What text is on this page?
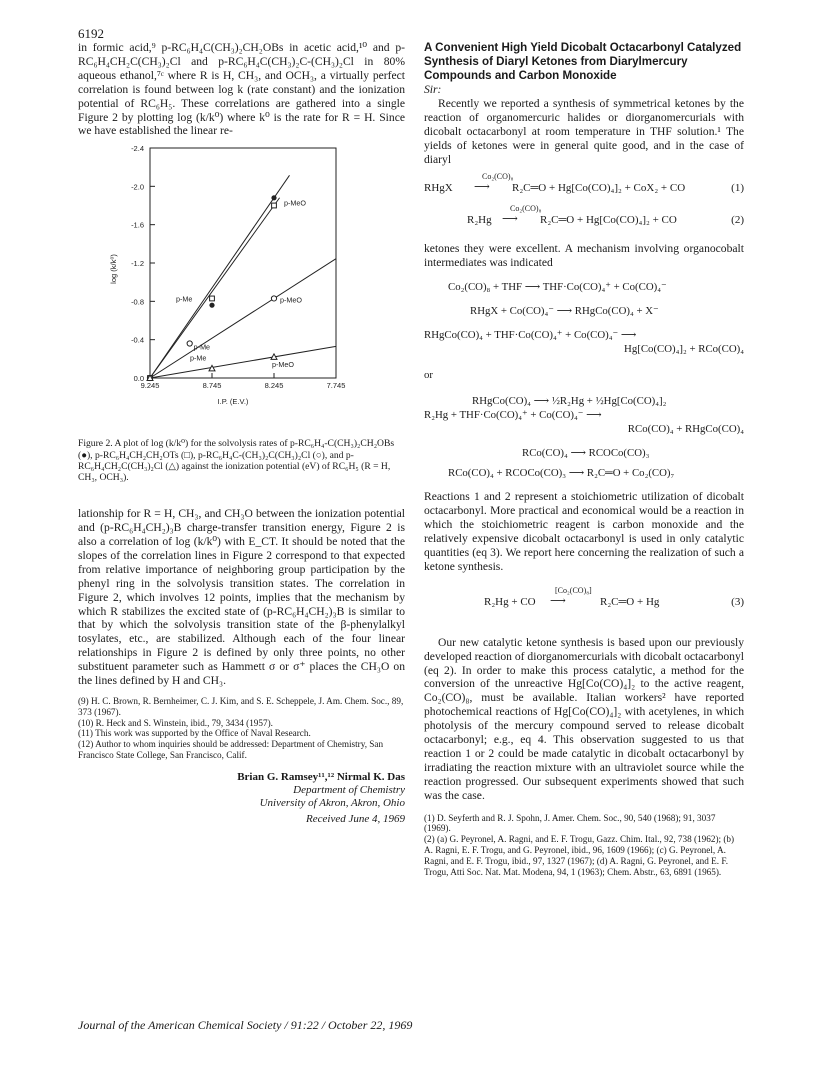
6192

in formic acid,⁹ p-RC₆H₄C(CH₃)₂CH₂OBs in acetic acid,¹⁰ and p-RC₆H₄CH₂C(CH₃)₂Cl and p-RC₆H₄C(CH₃)₂C-(CH₃)₂Cl in 80% aqueous ethanol,⁷ᶜ where R is H, CH₃, and OCH₃, a virtually perfect correlation is found between log k (rate constant) and the ionization potential of RC₆H₅. These correlations are gathered into a single Figure 2 by plotting log (k/k⁰) where k⁰ is the rate for R = H. Since we have established the linear re-

0.0
-0.4
-0.8
-1.2
-1.6
-2.0
-2.4
9.245	8.745	8.245	7.745
I.P. (E.V.)
log (k/k⁰)
p-MeO
p-Me	p-MeO
p-Me
p-Me
p-MeO

Figure 2. A plot of log (k/k⁰) for the solvolysis rates of p-RC₆H₄-C(CH₃)₂CH₂OBs (●), p-RC₆H₄CH₂CH₂OTs (□), p-RC₆H₄C-(CH₃)₂C(CH₃)₂Cl (○), and p-RC₆H₄CH₂C(CH₃)₂Cl (△) against the ionization potential (eV) of RC₆H₅ (R = H, CH₃, OCH₃).

lationship for R = H, CH₃, and CH₃O between the ionization potential and (p-RC₆H₄CH₂)₃B charge-transfer transition energy, Figure 2 is also a correlation of log (k/k⁰) with E_CT. It should be noted that the slopes of the correlation lines in Figure 2 correspond to that expected from relative importance of neighboring group participation by the phenyl ring in the solvolysis transition states. The correlation in Figure 2, which involves 12 points, implies that the mechanism by which R stabilizes the excited state of (p-RC₆H₄CH₂)₃B is similar to that by which the solvolysis transition state of the β-phenylalkyl tosylates, etc., are stabilized. Although each of the four linear relationships in Figure 2 is defined by only three points, no other substituent parameter such as Hammett σ or σ⁺ places the CH₃O on the lines defined by H and CH₃.

(9) H. C. Brown, R. Bernheimer, C. J. Kim, and S. E. Scheppele, J. Am. Chem. Soc., 89, 373 (1967).

(10) R. Heck and S. Winstein, ibid., 79, 3434 (1957).

(11) This work was supported by the Office of Naval Research.

(12) Author to whom inquiries should be addressed: Department of Chemistry, San Francisco State College, San Francisco, Calif.

Brian G. Ramsey¹¹,¹² Nirmal K. Das

Department of Chemistry

University of Akron, Akron, Ohio

Received June 4, 1969

A Convenient High Yield Dicobalt Octacarbonyl Catalyzed Synthesis of Diaryl Ketones from Diarylmercury Compounds and Carbon Monoxide

Sir:

Recently we reported a synthesis of symmetrical ketones by the reaction of organomercuric halides or diorganomercurials with dicobalt octacarbonyl at room temperature in THF solution.¹ The yields of ketones were in general quite good, and in the case of diaryl

RHgX
Co₂(CO)₈
⟶ R₂C═O + Hg[Co(CO)₄]₂ + CoX₂ + CO	(1)
R₂Hg
Co₂(CO)₈
⟶ R₂C═O + Hg[Co(CO)₄]₂ + CO	(2)

ketones they were excellent. A mechanism involving organocobalt intermediates was indicated

Co₂(CO)₈ + THF ⟶ THF·Co(CO)₄⁺ + Co(CO)₄⁻
RHgX + Co(CO)₄⁻ ⟶ RHgCo(CO)₄ + X⁻
RHgCo(CO)₄ + THF·Co(CO)₄⁺ + Co(CO)₄⁻ ⟶
Hg[Co(CO)₄]₂ + RCo(CO)₄
or
RHgCo(CO)₄ ⟶ ½R₂Hg + ½Hg[Co(CO)₄]₂
R₂Hg + THF·Co(CO)₄⁺ + Co(CO)₄⁻ ⟶
RCo(CO)₄ + RHgCo(CO)₄
RCo(CO)₄ ⟶ RCOCo(CO)₃
RCo(CO)₄ + RCOCo(CO)₃ ⟶ R₂C═O + Co₂(CO)₇

Reactions 1 and 2 represent a stoichiometric utilization of dicobalt octacarbonyl. More practical and economical would be a reaction in which the stoichiometric reagent is carbon monoxide and the relatively expensive dicobalt octacarbonyl is used in only catalytic quantities (eq 3). We report here concerning the realization of such a ketone synthesis.

R₂Hg + CO
[Co₂(CO)₈]
⟶	R₂C═O + Hg	(3)

Our new catalytic ketone synthesis is based upon our previously developed reaction of diorganomercurials with dicobalt octacarbonyl (eq 2). In order to make this process catalytic, a method for the conversion of the unreactive Hg[Co(CO)₄]₂ to the active reagent, Co₂(CO)₈, must be available. Italian workers² have reported photochemical reactions of Hg[Co(CO)₄]₂ with acetylenes, in which photolysis of the mercury compound served to release dicobalt octacarbonyl; e.g., eq 4. This observation suggested to us that reaction 1 or 2 could be made catalytic in dicobalt octacarbonyl by irradiating the reaction mixture with an ultraviolet source while the reaction progressed. Our subsequent experiments showed that such was the case.

(1) D. Seyferth and R. J. Spohn, J. Amer. Chem. Soc., 90, 540 (1968); 91, 3037 (1969).

(2) (a) G. Peyronel, A. Ragni, and E. F. Trogu, Gazz. Chim. Ital., 92, 738 (1962); (b) A. Ragni, E. F. Trogu, and G. Peyronel, ibid., 96, 1609 (1966); (c) G. Peyronel, A. Ragni, and E. F. Trogu, ibid., 97, 1327 (1967); (d) A. Ragni, G. Peyronel, and E. F. Trogu, Atti Soc. Nat. Mat. Modena, 94, 1 (1963); Chem. Abstr., 63, 6891 (1965).

Journal of the American Chemical Society / 91:22 / October 22, 1969
